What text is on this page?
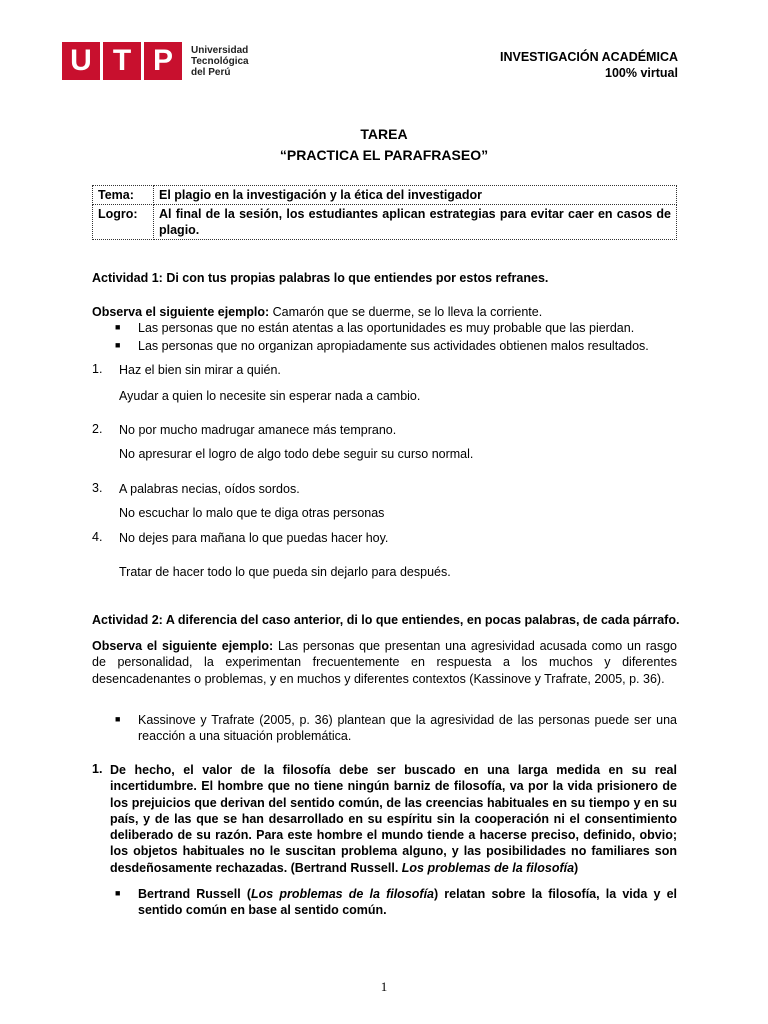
U T P	Universidad
Tecnológica
del Perú
INVESTIGACIÓN ACADÉMICA
100% virtual
TAREA
“PRACTICA EL PARAFRASEO”
Tema:	El plagio en la investigación y la ética del investigador
Logro:	Al final de la sesión, los estudiantes aplican estrategias para evitar caer en casos de plagio.
Actividad 1: Di con tus propias palabras lo que entiendes por estos refranes.
Observa el siguiente ejemplo: Camarón que se duerme, se lo lleva la corriente.
■ Las personas que no están atentas a las oportunidades es muy probable que las pierdan.
■ Las personas que no organizan apropiadamente sus actividades obtienen malos resultados.
1. Haz el bien sin mirar a quién.
Ayudar a quien lo necesite sin esperar nada a cambio.
2. No por mucho madrugar amanece más temprano.
No apresurar el logro de algo todo debe seguir su curso normal.
3. A palabras necias, oídos sordos.
No escuchar lo malo que te diga otras personas
4. No dejes para mañana lo que puedas hacer hoy.
Tratar de hacer todo lo que pueda sin dejarlo para después.
Actividad 2: A diferencia del caso anterior, di lo que entiendes, en pocas palabras, de cada párrafo.
Observa el siguiente ejemplo: Las personas que presentan una agresividad acusada como un rasgo de personalidad, la experimentan frecuentemente en respuesta a los muchos y diferentes desencadenantes o problemas, y en muchos y diferentes contextos (Kassinove y Trafrate, 2005, p. 36).
■ Kassinove y Trafrate (2005, p. 36) plantean que la agresividad de las personas puede ser una reacción a una situación problemática.
1. De hecho, el valor de la filosofía debe ser buscado en una larga medida en su real incertidumbre. El hombre que no tiene ningún barniz de filosofía, va por la vida prisionero de los prejuicios que derivan del sentido común, de las creencias habituales en su tiempo y en su país, y de las que se han desarrollado en su espíritu sin la cooperación ni el consentimiento deliberado de su razón. Para este hombre el mundo tiende a hacerse preciso, definido, obvio; los objetos habituales no le suscitan problema alguno, y las posibilidades no familiares son desdeñosamente rechazadas. (Bertrand Russell. Los problemas de la filosofía)
■ Bertrand Russell (Los problemas de la filosofía) relatan sobre la filosofía, la vida y el sentido común en base al sentido común.
1
